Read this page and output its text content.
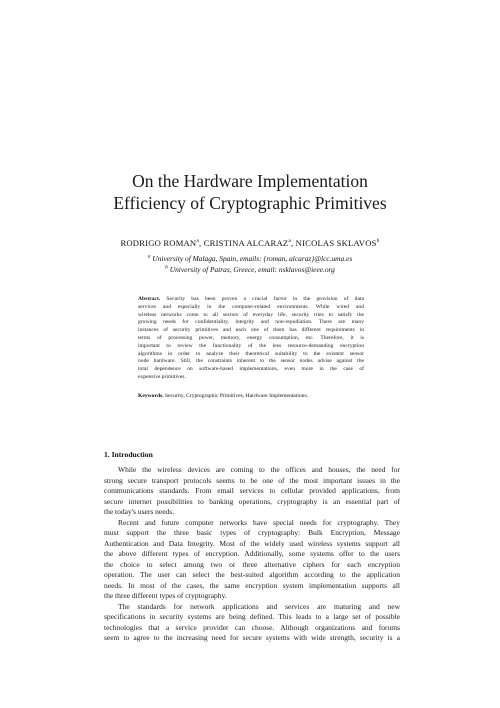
On the Hardware Implementation
Efficiency of Cryptographic Primitives
RODRIGO ROMAN$^a$, CRISTINA ALCARAZ$^a$, NICOLAS SKLAVOS$^b$
$^a$ University of Malaga, Spain, emails: {roman, alcaraz}@lcc.uma.es
$^b$ University of Patras, Greece, email: nsklavos@ieee.org
Abstract. Security has been proven a crucial factor in the provision of data
services and especially in the computer-related environments. While wired and
wireless networks come to all sectors of everyday life, security tries to satisfy the
growing needs for confidentiality, integrity and non-repudiation. There are many
instances of security primitives and each one of them has different requirements in
terms of processing power, memory, energy consumption, etc. Therefore, it is
important to review the functionality of the less resource-demanding encryption
algorithms in order to analyze their theoretical suitability to the existent sensor
node hardware. Still, the constraints inherent to the sensor nodes advise against the
total dependence on software-based implementations, even more in the case of
expensive primitives.
Keywords. Security, Cryptographic Primitives, Hardware Implementations.
1. Introduction
While the wireless devices are coming to the offices and houses, the need for
strong secure transport protocols seems to be one of the most important issues in the
communications standards. From email services to cellular provided applications, from
secure internet possibilities to banking operations, cryptography is an essential part of
the today's users needs.
Recent and future computer networks have special needs for cryptography. They
must support the three basic types of cryptography: Bulk Encryption, Message
Authentication and Data Integrity. Most of the widely used wireless systems support all
the above different types of encryption. Additionally, some systems offer to the users
the choice to select among two or three alternative ciphers for each encryption
operation. The user can select the best-suited algorithm according to the application
needs. In most of the cases, the same encryption system implementation supports all
the three different types of cryptography.
The standards for network applications and services are maturing and new
specifications in security systems are being defined. This leads to a large set of possible
technologies that a service provider can choose. Although organizations and forums
seem to agree to the increasing need for secure systems with wide strength, security is a
